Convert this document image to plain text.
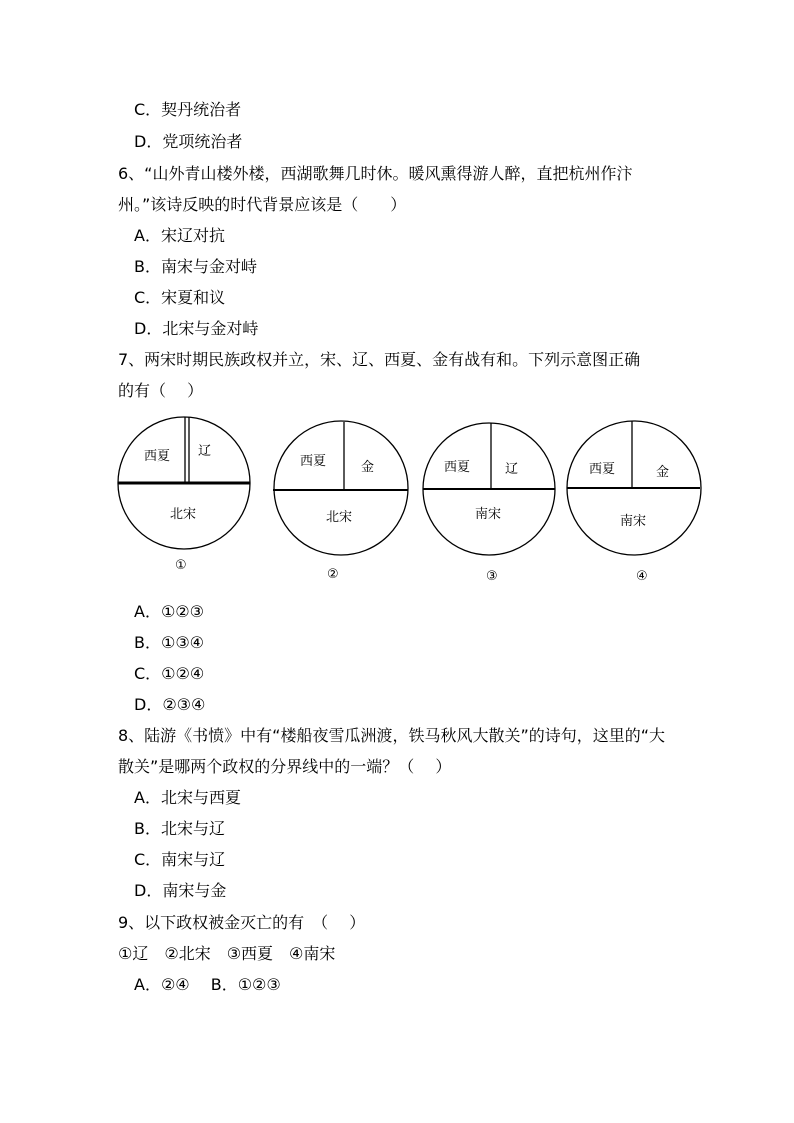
C．契丹统治者
D．党项统治者
6、“山外青山楼外楼，西湖歌舞几时休。暖风熏得游人醉，直把杭州作汴
州。”该诗反映的时代背景应该是（　　）
A．宋辽对抗
B．南宋与金对峙
C．宋夏和议
D．北宋与金对峙
7、两宋时期民族政权并立，宋、辽、西夏、金有战有和。下列示意图正确
的有（　 ）
西夏 辽
北宋
西夏	金
北宋
西夏	辽
南宋
西夏	金
南宋
①
②	③	④
A．①②③
B．①③④
C．①②④
D．②③④
8、陆游《书愤》中有“楼船夜雪瓜洲渡，铁马秋风大散关”的诗句，这里的“大
散关”是哪两个政权的分界线中的一端？（　 ）
A．北宋与西夏
B．北宋与辽
C．南宋与辽
D．南宋与金
9、以下政权被金灭亡的有　（　 ）
①辽　②北宋　③西夏　④南宋
A．②④　 B．①②③
